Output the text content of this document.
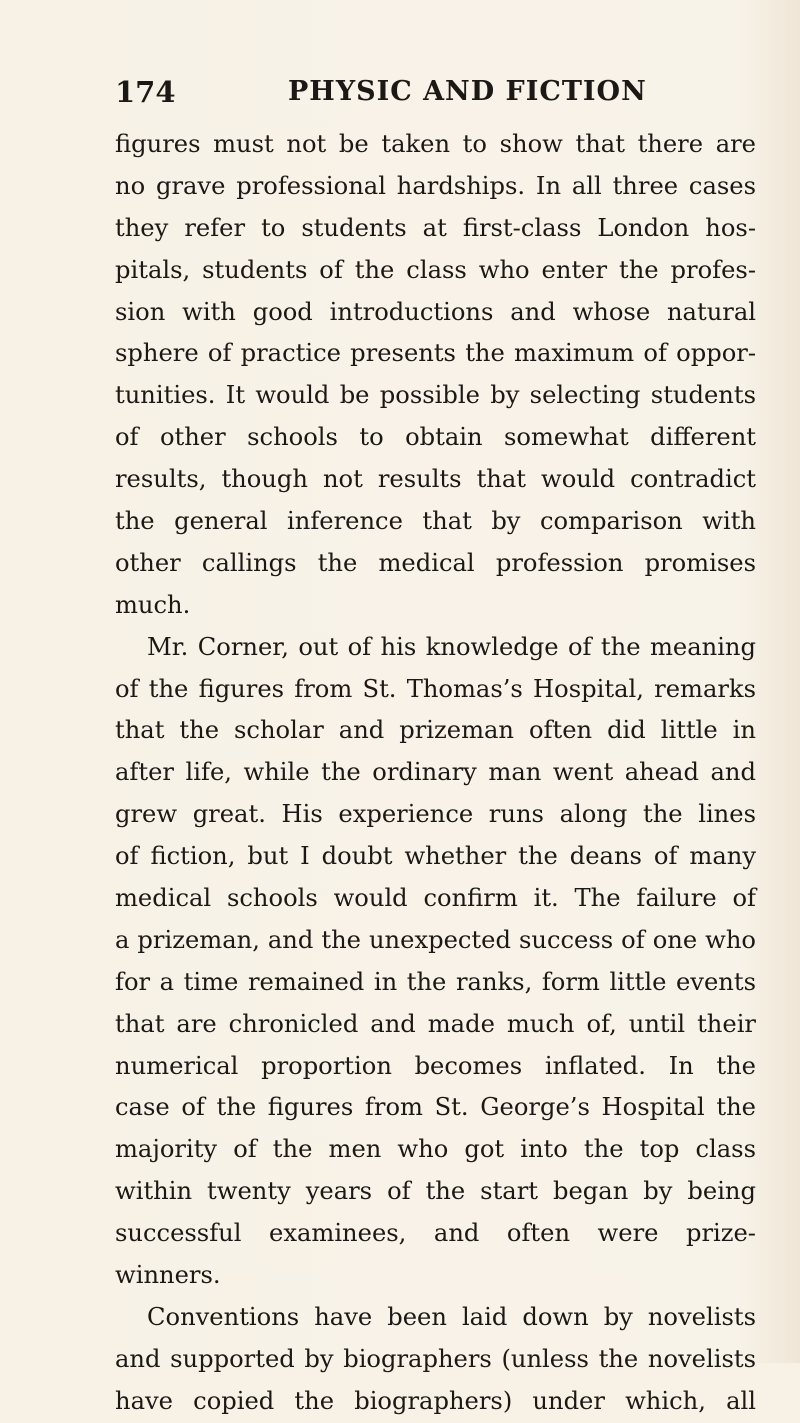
174	PHYSIC AND FICTION
figures must not be taken to show that there are
no grave professional hardships. In all three cases
they refer to students at first-class London hos-
pitals, students of the class who enter the profes-
sion with good introductions and whose natural
sphere of practice presents the maximum of oppor-
tunities. It would be possible by selecting students
of other schools to obtain somewhat different
results, though not results that would contradict
the general inference that by comparison with
other callings the medical profession promises
much.
Mr. Corner, out of his knowledge of the meaning
of the figures from St. Thomas’s Hospital, remarks
that the scholar and prizeman often did little in
after life, while the ordinary man went ahead and
grew great. His experience runs along the lines
of fiction, but I doubt whether the deans of many
medical schools would confirm it. The failure of
a prizeman, and the unexpected success of one who
for a time remained in the ranks, form little events
that are chronicled and made much of, until their
numerical proportion becomes inflated. In the
case of the figures from St. George’s Hospital the
majority of the men who got into the top class
within twenty years of the start began by being
successful examinees, and often were prize-
winners.
Conventions have been laid down by novelists
and supported by biographers (unless the novelists
have copied the biographers) under which, all
